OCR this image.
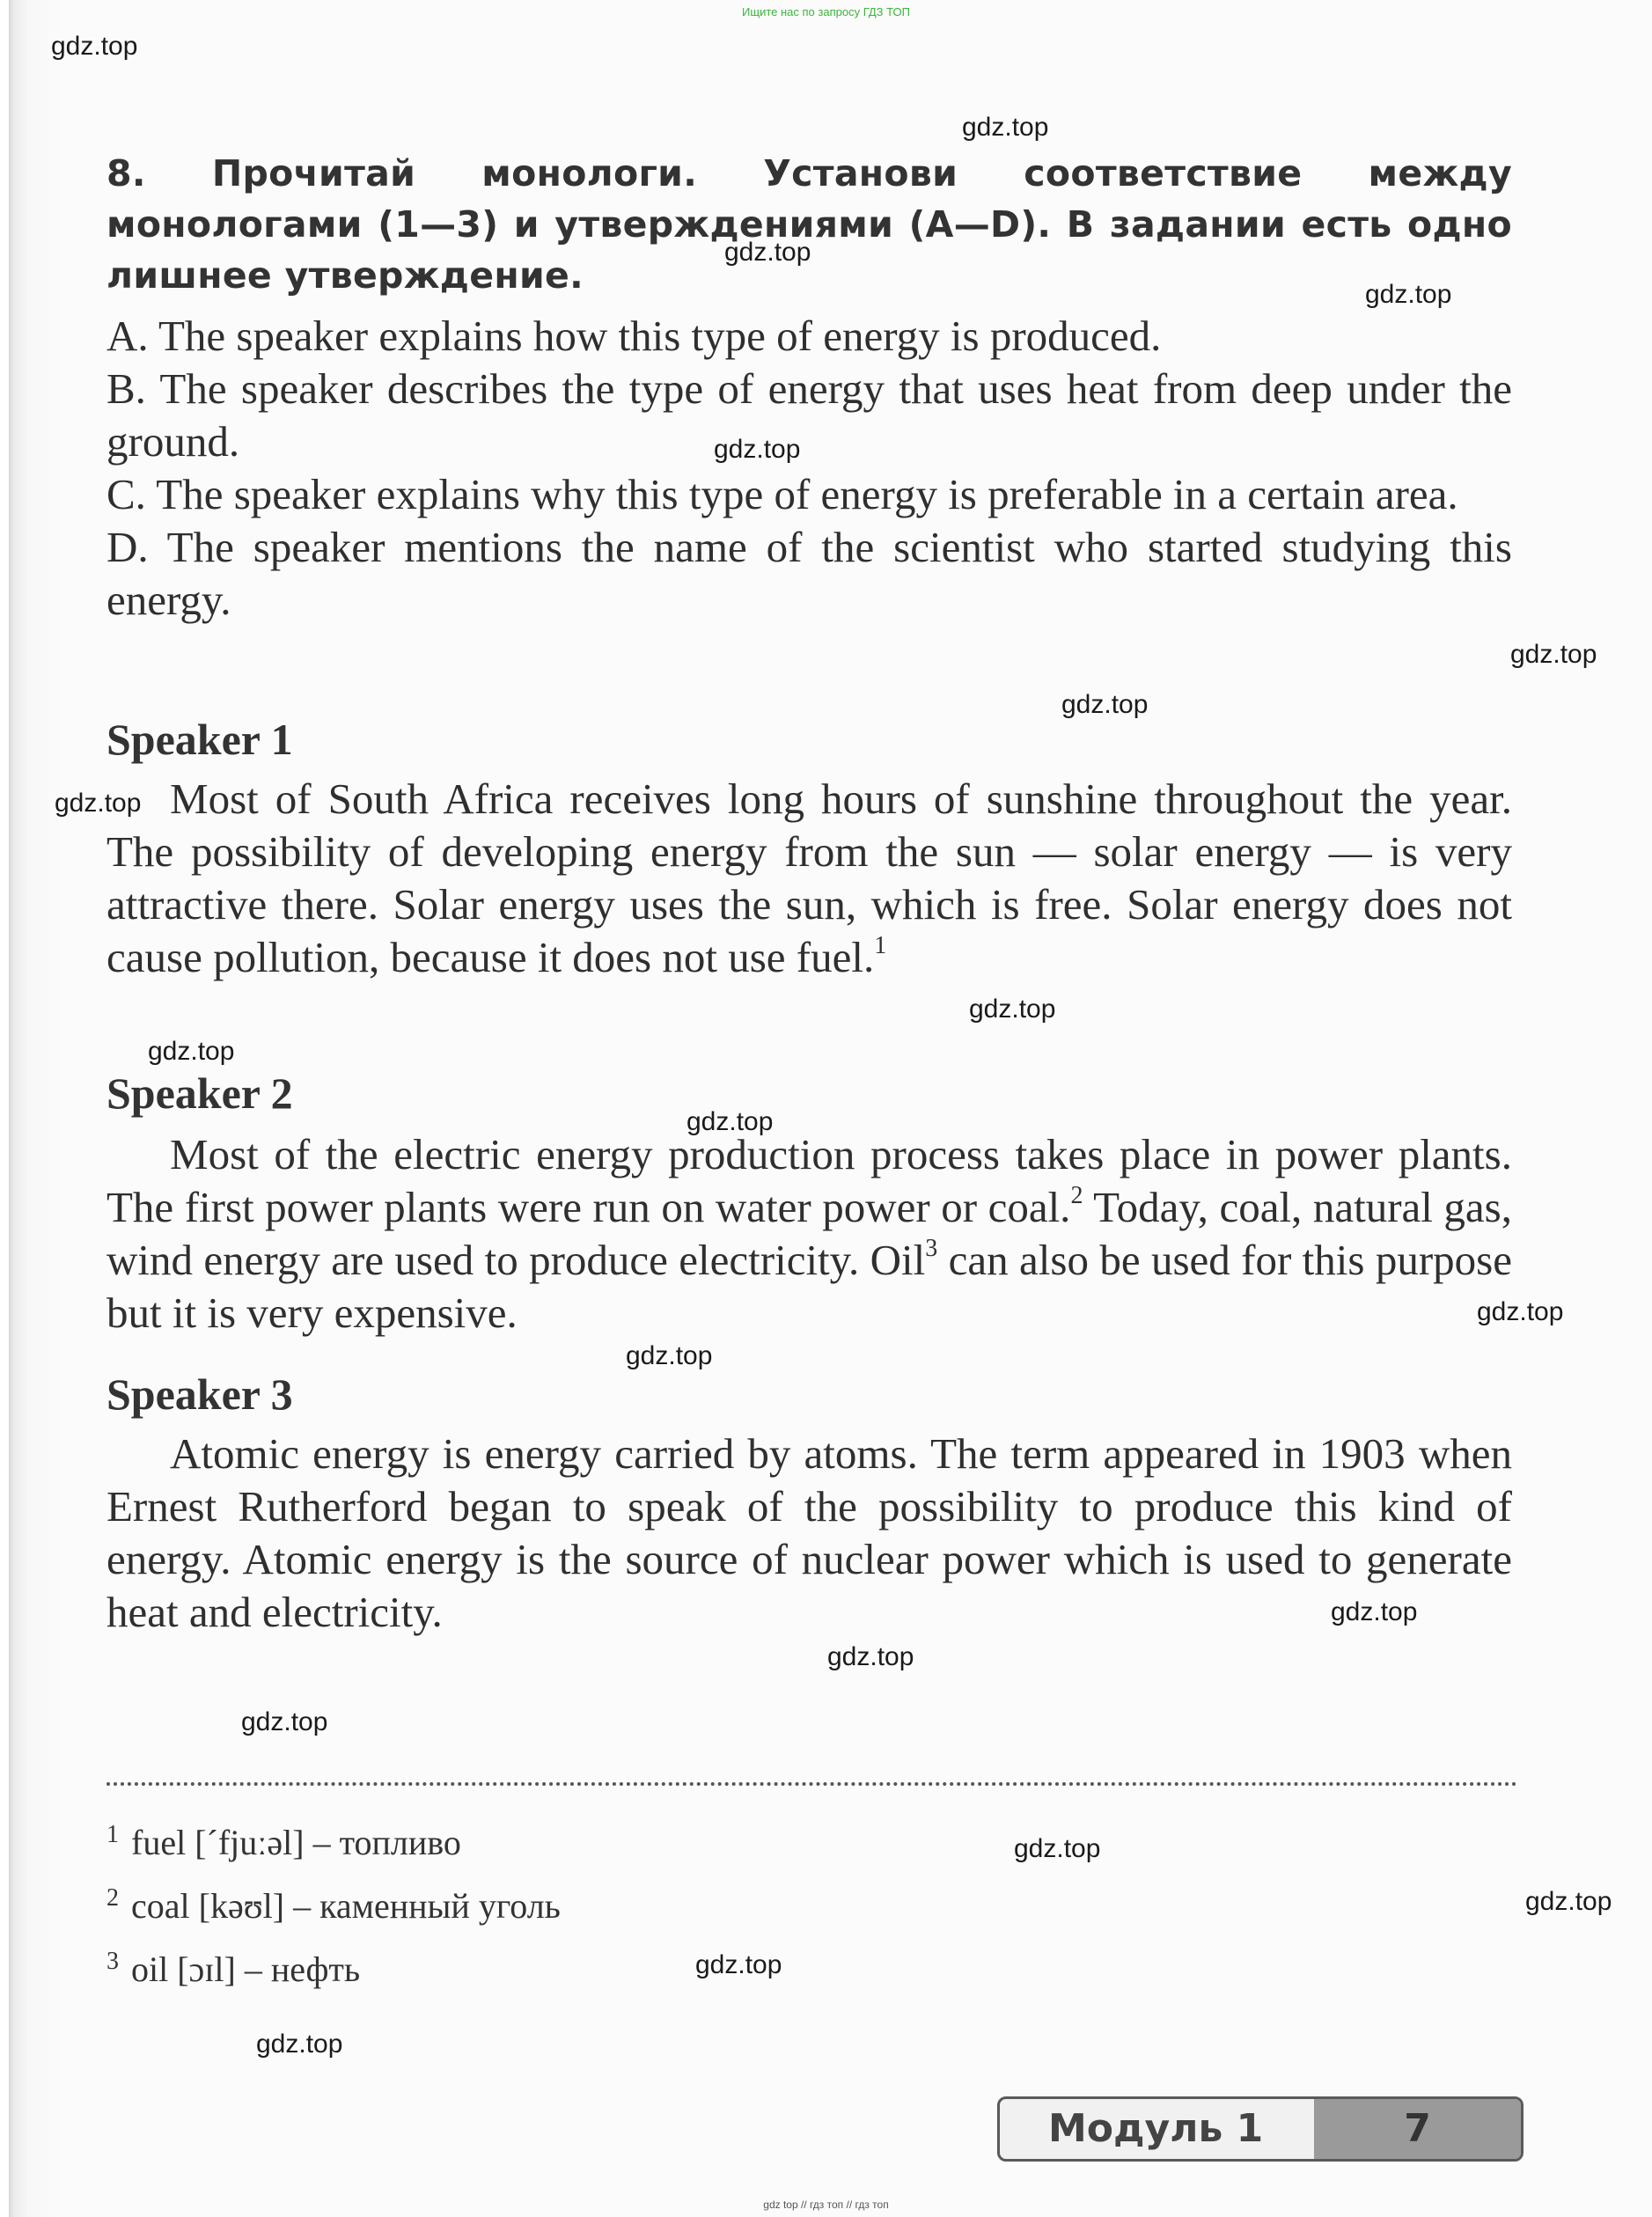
Ищите нас по запросу ГДЗ ТОП
gdz.top
gdz.top
gdz.top
gdz.top
gdz.top
gdz.top
gdz.top
gdz.top
gdz.top
gdz.top
gdz.top
gdz.top
gdz.top
gdz.top
gdz.top
gdz.top
gdz.top
gdz.top
gdz.top
gdz.top
8. Прочитай монологи. Установи соответствие между монологами (1—3) и утверждениями (A—D). В задании есть одно лишнее утверждение.

A. The speaker explains how this type of energy is produced.

B. The speaker describes the type of energy that uses heat from deep under the ground.

C. The speaker explains why this type of energy is preferable in a certain area.

D. The speaker mentions the name of the scientist who started studying this energy.

Speaker 1
Most of South Africa receives long hours of sunshine throughout the year. The possibility of developing energy from the sun — solar energy — is very attractive there. Solar energy uses the sun, which is free. Solar energy does not cause pollution, because it does not use fuel.$^1$
Speaker 2
Most of the electric energy production process takes place in power plants. The first power plants were run on water power or coal.$^2$ Today, coal, natural gas, wind energy are used to produce electricity. Oil$^3$ can also be used for this purpose but it is very expensive.
Speaker 3
Atomic energy is energy carried by atoms. The term appeared in 1903 when Ernest Rutherford began to speak of the possibility to produce this kind of energy. Atomic energy is the source of nuclear power which is used to generate heat and electricity.
$^1$ fuel [ˊfjuːəl] – топливо
$^2$ coal [kəʊl] – каменный уголь
$^3$ oil [ɔɪl] – нефть
Модуль 1	7
gdz top // гдз топ // гдз топ
